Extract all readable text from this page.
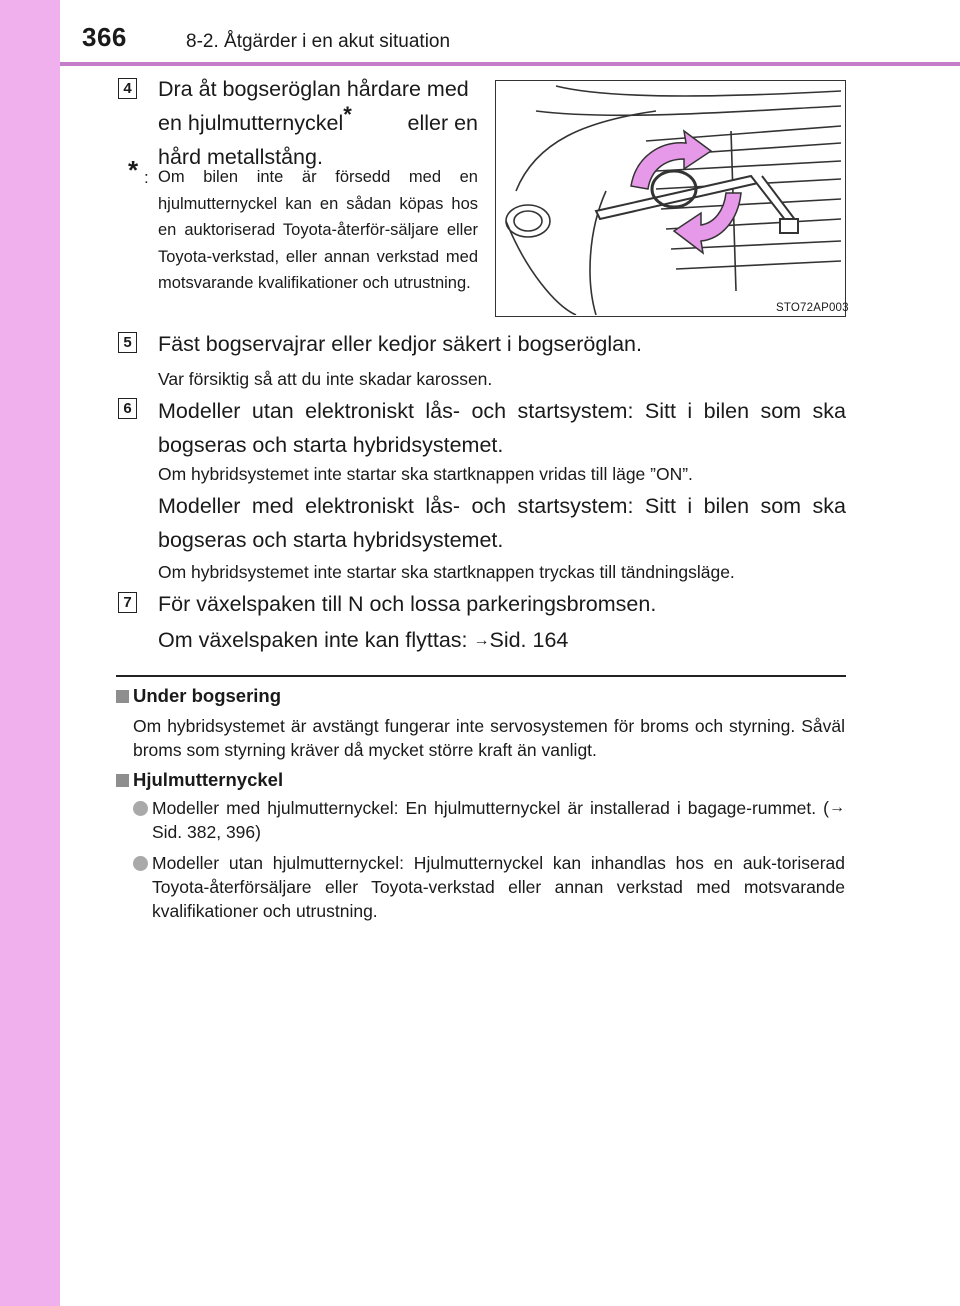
366	8-2. Åtgärder i en akut situation
4 Dra åt bogseröglan hårdare med
en hjulmutternyckel*	eller en
hård metallstång.
* : Om bilen inte är försedd med en hjulmutternyckel kan en sådan köpas hos en auktoriserad Toyota-återför-säljare eller Toyota-verkstad, eller annan verkstad med motsvarande kvalifikationer och utrustning.
STO72AP003
5 Fäst bogservajrar eller kedjor säkert i bogseröglan.
Var försiktig så att du inte skadar karossen.
6 Modeller utan elektroniskt lås- och startsystem: Sitt i bilen som ska bogseras och starta hybridsystemet.
Om hybridsystemet inte startar ska startknappen vridas till läge ”ON”.
Modeller med elektroniskt lås- och startsystem: Sitt i bilen som ska bogseras och starta hybridsystemet.
Om hybridsystemet inte startar ska startknappen tryckas till tändningsläge.
7 För växelspaken till N och lossa parkeringsbromsen.
Om växelspaken inte kan flyttas: →Sid. 164
Under bogsering
Om hybridsystemet är avstängt fungerar inte servosystemen för broms och styrning. Såväl broms som styrning kräver då mycket större kraft än vanligt.
Hjulmutternyckel
Modeller med hjulmutternyckel: En hjulmutternyckel är installerad i bagage-rummet. (→Sid. 382, 396)
Modeller utan hjulmutternyckel: Hjulmutternyckel kan inhandlas hos en auk-toriserad Toyota-återförsäljare eller Toyota-verkstad eller annan verkstad med motsvarande kvalifikationer och utrustning.
